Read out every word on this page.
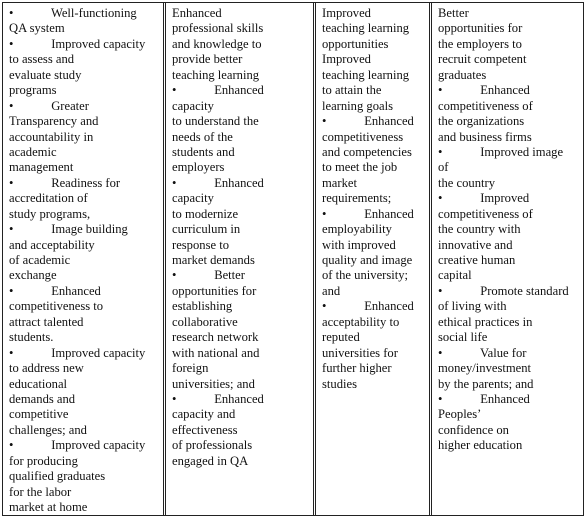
•            Well-functioning
QA system
•            Improved capacity
to assess and
evaluate study
programs
•            Greater
Transparency and
accountability in
academic
management
•            Readiness for
accreditation of
study programs,
•            Image building
and acceptability
of academic
exchange
•            Enhanced
competitiveness to
attract talented
students.
•            Improved capacity
to address new
educational
demands and
competitive
challenges; and
•            Improved capacity
for producing
qualified graduates
for the labor
market at home
Enhanced
professional skills
and knowledge to
provide better
teaching learning
•            Enhanced
capacity
to understand the
needs of the
students and
employers
•            Enhanced
capacity
to modernize
curriculum in
response to
market demands
•            Better
opportunities for
establishing
collaborative
research network
with national and
foreign
universities; and
•            Enhanced
capacity and
effectiveness
of professionals
engaged in QA
Improved
teaching learning
opportunities
Improved
teaching learning
to attain the
learning goals
•            Enhanced
competitiveness
and competencies
to meet the job
market
requirements;
•            Enhanced
employability
with improved
quality and image
of the university;
and
•            Enhanced
acceptability to
reputed
universities for
further higher
studies
Better
opportunities for
the employers to
recruit competent
graduates
•            Enhanced
competitiveness of
the organizations
and business firms
•            Improved image
of
the country
•            Improved
competitiveness of
the country with
innovative and
creative human
capital
•            Promote standard
of living with
ethical practices in
social life
•            Value for
money/investment
by the parents; and
•            Enhanced
Peoples’
confidence on
higher education
